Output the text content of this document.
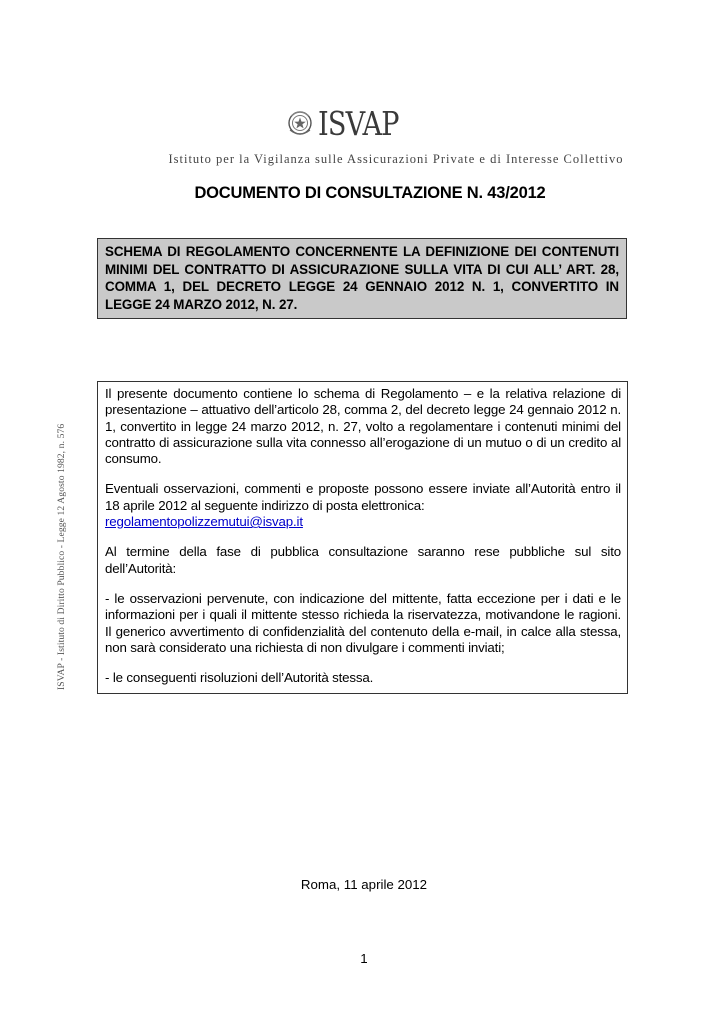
ISVAP
Istituto per la Vigilanza sulle Assicurazioni Private e di Interesse Collettivo
DOCUMENTO DI CONSULTAZIONE N. 43/2012
SCHEMA DI REGOLAMENTO CONCERNENTE LA DEFINIZIONE DEI CONTENUTI MINIMI DEL CONTRATTO DI ASSICURAZIONE SULLA VITA DI CUI ALL’ ART. 28, COMMA 1, DEL DECRETO LEGGE 24 GENNAIO 2012 N. 1, CONVERTITO IN LEGGE 24 MARZO 2012, N. 27.
ISVAP - Istituto di Diritto Pubblico - Legge 12 Agosto 1982, n. 576

Il presente documento contiene lo schema di Regolamento – e la relativa relazione di presentazione – attuativo dell’articolo 28, comma 2, del decreto legge 24 gennaio 2012 n. 1, convertito in legge 24 marzo 2012, n. 27, volto a regolamentare i contenuti minimi del contratto di assicurazione sulla vita connesso all’erogazione di un mutuo o di un credito al consumo.

Eventuali osservazioni, commenti e proposte possono essere inviate all’Autorità entro il 18 aprile 2012 al seguente indirizzo di posta elettronica:
regolamentopolizzemutui@isvap.it

Al termine della fase di pubblica consultazione saranno rese pubbliche sul sito dell’Autorità:

- le osservazioni pervenute, con indicazione del mittente, fatta eccezione per i dati e le informazioni per i quali il mittente stesso richieda la riservatezza, motivandone le ragioni. Il generico avvertimento di confidenzialità del contenuto della e-mail, in calce alla stessa, non sarà considerato una richiesta di non divulgare i commenti inviati;

- le conseguenti risoluzioni dell’Autorità stessa.

Roma, 11 aprile 2012
1
